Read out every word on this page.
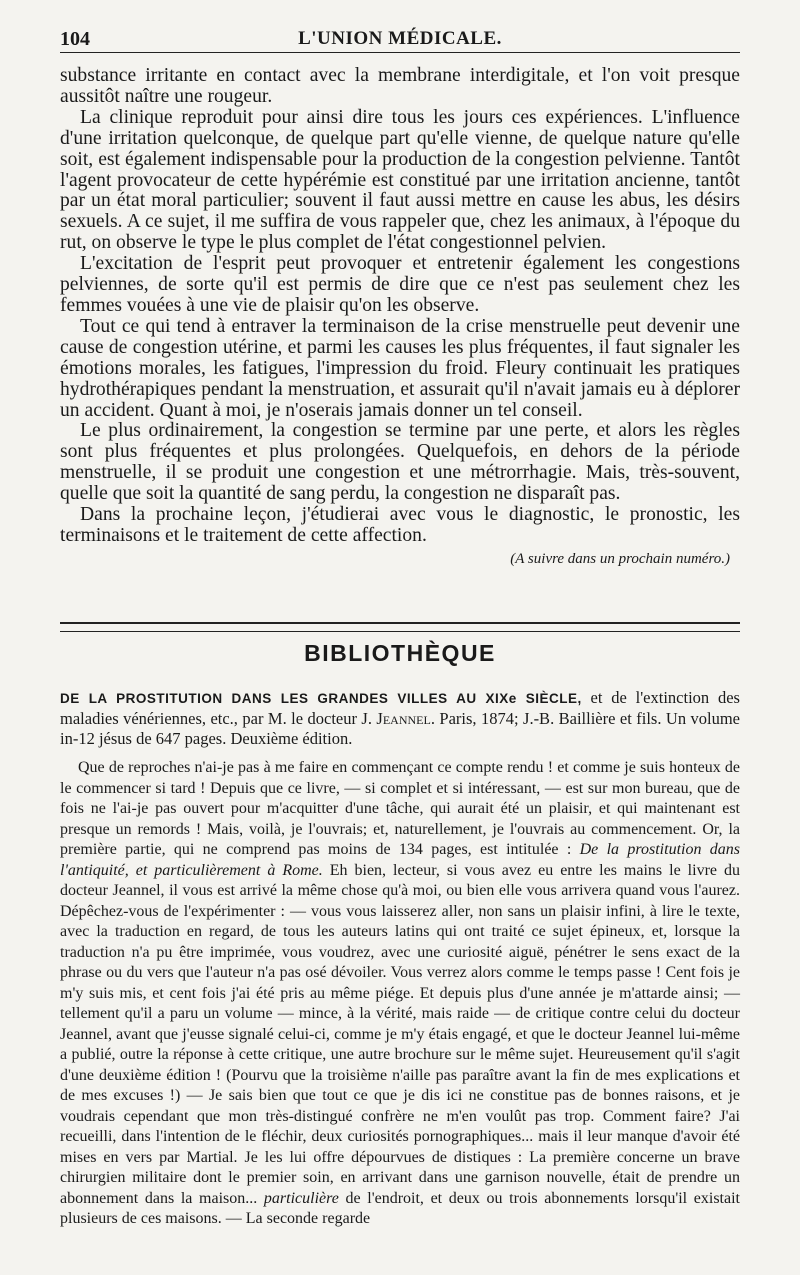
104	L'UNION MÉDICALE.

substance irritante en contact avec la membrane interdigitale, et l'on voit presque aussitôt naître une rougeur.

La clinique reproduit pour ainsi dire tous les jours ces expériences. L'influence d'une irritation quelconque, de quelque part qu'elle vienne, de quelque nature qu'elle soit, est également indispensable pour la production de la congestion pelvienne. Tantôt l'agent provocateur de cette hypérémie est constitué par une irritation ancienne, tantôt par un état moral particulier; souvent il faut aussi mettre en cause les abus, les désirs sexuels. A ce sujet, il me suffira de vous rappeler que, chez les animaux, à l'époque du rut, on observe le type le plus complet de l'état congestionnel pelvien.

L'excitation de l'esprit peut provoquer et entretenir également les congestions pelviennes, de sorte qu'il est permis de dire que ce n'est pas seulement chez les femmes vouées à une vie de plaisir qu'on les observe.

Tout ce qui tend à entraver la terminaison de la crise menstruelle peut devenir une cause de congestion utérine, et parmi les causes les plus fréquentes, il faut signaler les émotions morales, les fatigues, l'impression du froid. Fleury continuait les pratiques hydrothérapiques pendant la menstruation, et assurait qu'il n'avait jamais eu à déplorer un accident. Quant à moi, je n'oserais jamais donner un tel conseil.

Le plus ordinairement, la congestion se termine par une perte, et alors les règles sont plus fréquentes et plus prolongées. Quelquefois, en dehors de la période menstruelle, il se produit une congestion et une métrorrhagie. Mais, très-souvent, quelle que soit la quantité de sang perdu, la congestion ne disparaît pas.

Dans la prochaine leçon, j'étudierai avec vous le diagnostic, le pronostic, les terminaisons et le traitement de cette affection.

(A suivre dans un prochain numéro.)
BIBLIOTHÈQUE
DE LA PROSTITUTION DANS LES GRANDES VILLES AU XIXe SIÈCLE, et de l'extinction des maladies vénériennes, etc., par M. le docteur J. Jeannel. Paris, 1874; J.-B. Baillière et fils. Un volume in-12 jésus de 647 pages. Deuxième édition.

Que de reproches n'ai-je pas à me faire en commençant ce compte rendu ! et comme je suis honteux de le commencer si tard ! Depuis que ce livre, — si complet et si intéressant, — est sur mon bureau, que de fois ne l'ai-je pas ouvert pour m'acquitter d'une tâche, qui aurait été un plaisir, et qui maintenant est presque un remords ! Mais, voilà, je l'ouvrais; et, naturellement, je l'ouvrais au commencement. Or, la première partie, qui ne comprend pas moins de 134 pages, est intitulée : De la prostitution dans l'antiquité, et particulièrement à Rome. Eh bien, lecteur, si vous avez eu entre les mains le livre du docteur Jeannel, il vous est arrivé la même chose qu'à moi, ou bien elle vous arrivera quand vous l'aurez. Dépêchez-vous de l'expérimenter : — vous vous laisserez aller, non sans un plaisir infini, à lire le texte, avec la traduction en regard, de tous les auteurs latins qui ont traité ce sujet épineux, et, lorsque la traduction n'a pu être imprimée, vous voudrez, avec une curiosité aiguë, pénétrer le sens exact de la phrase ou du vers que l'auteur n'a pas osé dévoiler. Vous verrez alors comme le temps passe ! Cent fois je m'y suis mis, et cent fois j'ai été pris au même piége. Et depuis plus d'une année je m'attarde ainsi; — tellement qu'il a paru un volume — mince, à la vérité, mais raide — de critique contre celui du docteur Jeannel, avant que j'eusse signalé celui-ci, comme je m'y étais engagé, et que le docteur Jeannel lui-même a publié, outre la réponse à cette critique, une autre brochure sur le même sujet. Heureusement qu'il s'agit d'une deuxième édition ! (Pourvu que la troisième n'aille pas paraître avant la fin de mes explications et de mes excuses !) — Je sais bien que tout ce que je dis ici ne constitue pas de bonnes raisons, et je voudrais cependant que mon très-distingué confrère ne m'en voulût pas trop. Comment faire? J'ai recueilli, dans l'intention de le fléchir, deux curiosités pornographiques... mais il leur manque d'avoir été mises en vers par Martial. Je les lui offre dépourvues de distiques : La première concerne un brave chirurgien militaire dont le premier soin, en arrivant dans une garnison nouvelle, était de prendre un abonnement dans la maison... particulière de l'endroit, et deux ou trois abonnements lorsqu'il existait plusieurs de ces maisons. — La seconde regarde
